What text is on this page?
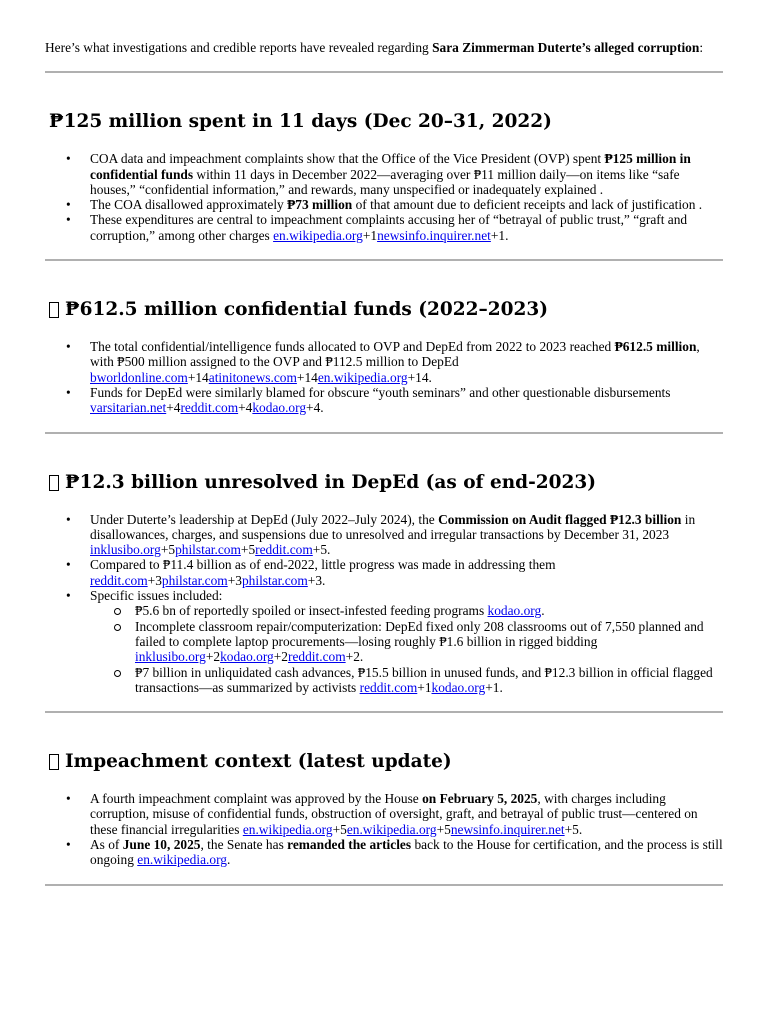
Here’s what investigations and credible reports have revealed regarding Sara Zimmerman Duterte’s alleged corruption:

₱125 million spent in 11 days (Dec 20–31, 2022)
• COA data and impeachment complaints show that the Office of the Vice President (OVP) spent ₱125 million in confidential funds within 11 days in December 2022—averaging over ₱11 million daily—on items like “safe houses,” “confidential information,” and rewards, many unspecified or inadequately explained .
• The COA disallowed approximately ₱73 million of that amount due to deficient receipts and lack of justification .
• These expenditures are central to impeachment complaints accusing her of “betrayal of public trust,” “graft and corruption,” among other charges en.wikipedia.org+1newsinfo.inquirer.net+1.
₱612.5 million confidential funds (2022–2023)
• The total confidential/intelligence funds allocated to OVP and DepEd from 2022 to 2023 reached ₱612.5 million, with ₱500 million assigned to the OVP and ₱112.5 million to DepEd bworldonline.com+14atinitonews.com+14en.wikipedia.org+14.
• Funds for DepEd were similarly blamed for obscure “youth seminars” and other questionable disbursements varsitarian.net+4reddit.com+4kodao.org+4.
₱12.3 billion unresolved in DepEd (as of end-2023)
• Under Duterte’s leadership at DepEd (July 2022–July 2024), the Commission on Audit flagged ₱12.3 billion in disallowances, charges, and suspensions due to unresolved and irregular transactions by December 31, 2023 inklusibo.org+5philstar.com+5reddit.com+5.
• Compared to ₱11.4 billion as of end-2022, little progress was made in addressing them reddit.com+3philstar.com+3philstar.com+3.
• Specific issues included:
₱5.6 bn of reportedly spoiled or insect-infested feeding programs kodao.org.
Incomplete classroom repair/computerization: DepEd fixed only 208 classrooms out of 7,550 planned and failed to complete laptop procurements—losing roughly ₱1.6 billion in rigged bidding inklusibo.org+2kodao.org+2reddit.com+2.
₱7 billion in unliquidated cash advances, ₱15.5 billion in unused funds, and ₱12.3 billion in official flagged transactions—as summarized by activists reddit.com+1kodao.org+1.
Impeachment context (latest update)
• A fourth impeachment complaint was approved by the House on February 5, 2025, with charges including corruption, misuse of confidential funds, obstruction of oversight, graft, and betrayal of public trust—centered on these financial irregularities en.wikipedia.org+5en.wikipedia.org+5newsinfo.inquirer.net+5.
• As of June 10, 2025, the Senate has remanded the articles back to the House for certification, and the process is still ongoing en.wikipedia.org.
